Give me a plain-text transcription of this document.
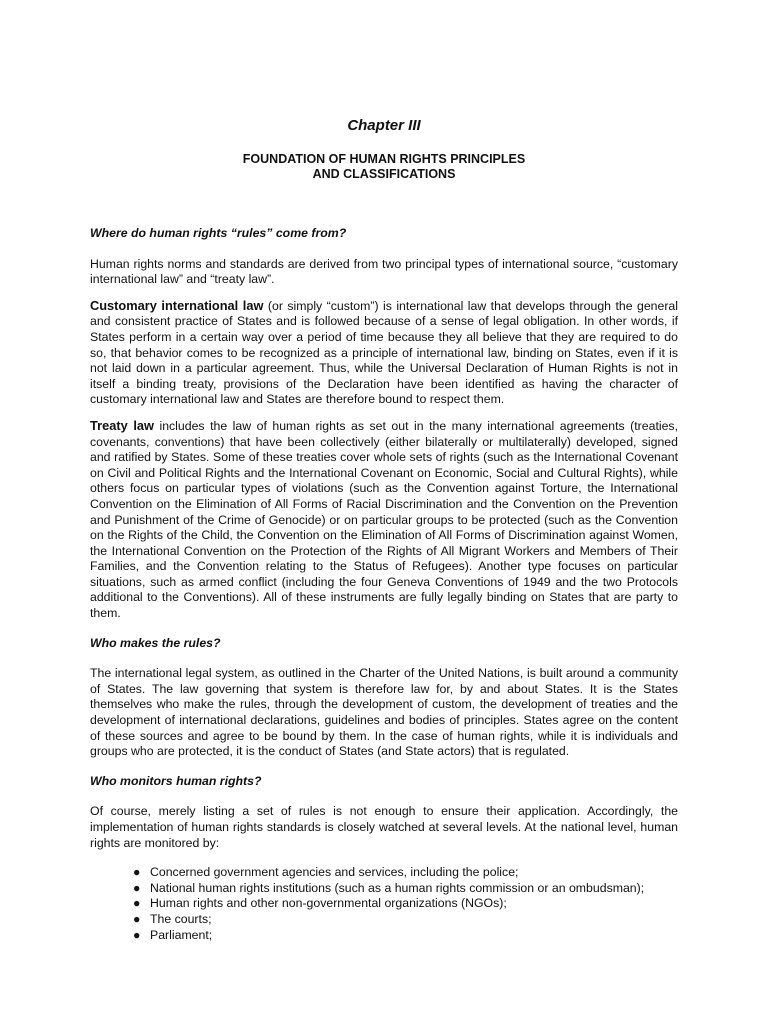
Chapter III
FOUNDATION OF HUMAN RIGHTS PRINCIPLES
AND CLASSIFICATIONS
Where do human rights “rules” come from?

Human rights norms and standards are derived from two principal types of international source, “customary international law” and “treaty law”.

Customary international law (or simply “custom”) is international law that develops through the general and consistent practice of States and is followed because of a sense of legal obligation. In other words, if States perform in a certain way over a period of time because they all believe that they are required to do so, that behavior comes to be recognized as a principle of international law, binding on States, even if it is not laid down in a particular agreement. Thus, while the Universal Declaration of Human Rights is not in itself a binding treaty, provisions of the Declaration have been identified as having the character of customary international law and States are therefore bound to respect them.

Treaty law includes the law of human rights as set out in the many international agreements (treaties, covenants, conventions) that have been collectively (either bilaterally or multilaterally) developed, signed and ratified by States. Some of these treaties cover whole sets of rights (such as the International Covenant on Civil and Political Rights and the International Covenant on Economic, Social and Cultural Rights), while others focus on particular types of violations (such as the Convention against Torture, the International Convention on the Elimination of All Forms of Racial Discrimination and the Convention on the Prevention and Punishment of the Crime of Genocide) or on particular groups to be protected (such as the Convention on the Rights of the Child, the Convention on the Elimination of All Forms of Discrimination against Women, the International Convention on the Protection of the Rights of All Migrant Workers and Members of Their Families, and the Convention relating to the Status of Refugees). Another type focuses on particular situations, such as armed conflict (including the four Geneva Conventions of 1949 and the two Protocols additional to the Conventions). All of these instruments are fully legally binding on States that are party to them.

Who makes the rules?

The international legal system, as outlined in the Charter of the United Nations, is built around a community of States. The law governing that system is therefore law for, by and about States. It is the States themselves who make the rules, through the development of custom, the development of treaties and the development of international declarations, guidelines and bodies of principles. States agree on the content of these sources and agree to be bound by them. In the case of human rights, while it is individuals and groups who are protected, it is the conduct of States (and State actors) that is regulated.

Who monitors human rights?

Of course, merely listing a set of rules is not enough to ensure their application. Accordingly, the implementation of human rights standards is closely watched at several levels. At the national level, human rights are monitored by:

● Concerned government agencies and services, including the police;
● National human rights institutions (such as a human rights commission or an ombudsman);
● Human rights and other non-governmental organizations (NGOs);
● The courts;
● Parliament;
